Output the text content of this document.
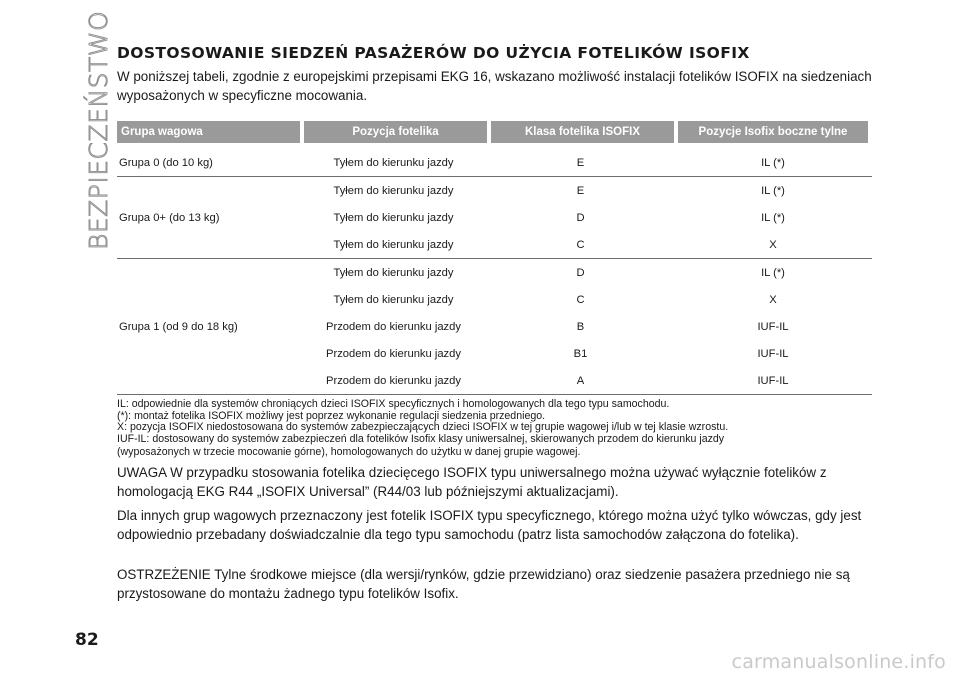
BEZPIECZEŃSTWO DOSTOSOWANIE SIEDZEŃ PASAŻERÓW DO UŻYCIA FOTELIKÓW ISOFIX

W poniższej tabeli, zgodnie z europejskimi przepisami EKG 16, wskazano możliwość instalacji fotelików ISOFIX na siedzeniach wyposażonych w specyficzne mocowania.

Grupa wagowa	Pozycja fotelika	Klasa fotelika ISOFIX	Pozycje Isofix boczne tylne
Grupa 0 (do 10 kg)	Tyłem do kierunku jazdy	E	IL (*)
Grupa 0+ (do 13 kg)
Tyłem do kierunku jazdy	E	IL (*)
Tyłem do kierunku jazdy	D	IL (*)
Tyłem do kierunku jazdy	C	X
Grupa 1 (od 9 do 18 kg)
Tyłem do kierunku jazdy	D	IL (*)
Tyłem do kierunku jazdy	C	X
Przodem do kierunku jazdy	B	IUF-IL
Przodem do kierunku jazdy	B1	IUF-IL
Przodem do kierunku jazdy	A	IUF-IL

IL: odpowiednie dla systemów chroniących dzieci ISOFIX specyficznych i homologowanych dla tego typu samochodu.

(*): montaż fotelika ISOFIX możliwy jest poprzez wykonanie regulacji siedzenia przedniego.

X: pozycja ISOFIX niedostosowana do systemów zabezpieczających dzieci ISOFIX w tej grupie wagowej i/lub w tej klasie wzrostu.

IUF-IL: dostosowany do systemów zabezpieczeń dla fotelików Isofix klasy uniwersalnej, skierowanych przodem do kierunku jazdy

(wyposażonych w trzecie mocowanie górne), homologowanych do użytku w danej grupie wagowej.

UWAGA W przypadku stosowania fotelika dziecięcego ISOFIX typu uniwersalnego można używać wyłącznie fotelików z homologacją EKG R44 „ISOFIX Universal” (R44/03 lub późniejszymi aktualizacjami).

Dla innych grup wagowych przeznaczony jest fotelik ISOFIX typu specyficznego, którego można użyć tylko wówczas, gdy jest odpowiednio przebadany doświadczalnie dla tego typu samochodu (patrz lista samochodów załączona do fotelika).

OSTRZEŻENIE Tylne środkowe miejsce (dla wersji/rynków, gdzie przewidziano) oraz siedzenie pasażera przedniego nie są przystosowane do montażu żadnego typu fotelików Isofix.

82
carmanualsonline.info
